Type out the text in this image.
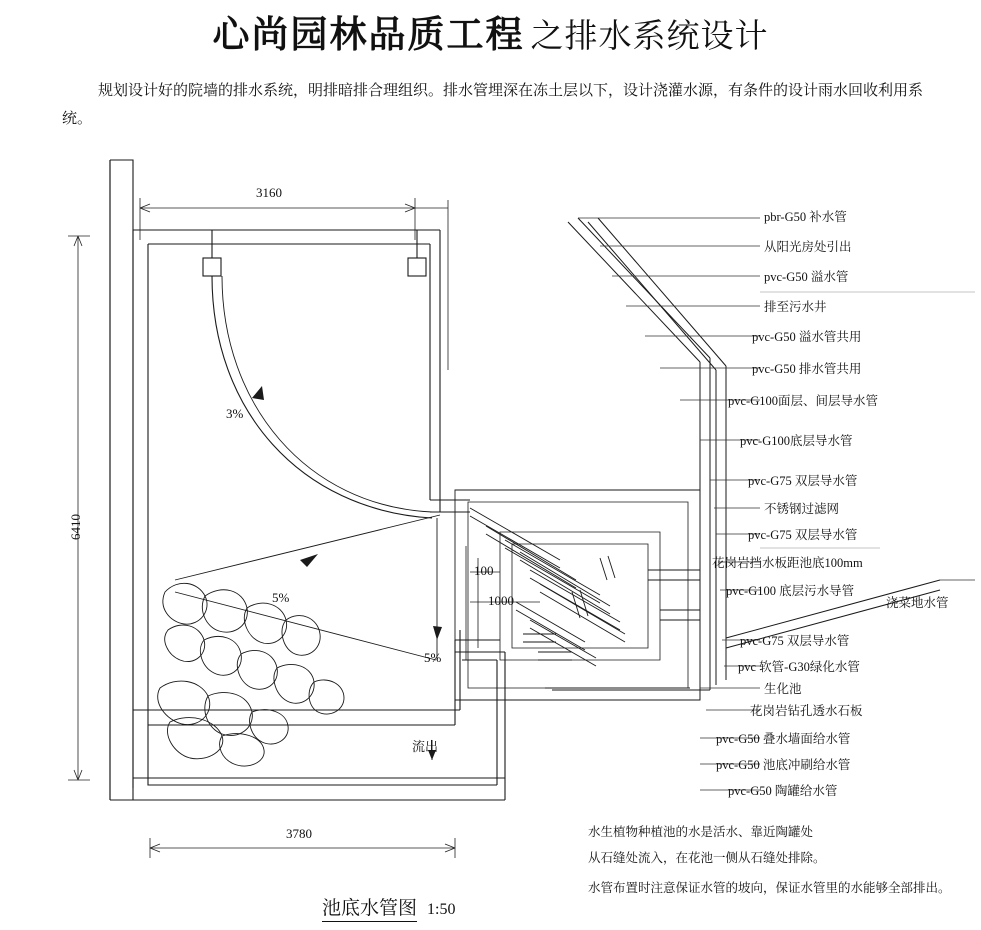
心尚园林品质工程 之排水系统设计

规划设计好的院墙的排水系统，明排暗排合理组织。排水管埋深在冻土层以下，设计浇灌水源，有条件的设计雨水回收利用系统。

3160
3780
6410
100
1000
3%
5%
5%
流出
pbr-G50 补水管
从阳光房处引出
pvc-G50 溢水管
排至污水井
pvc-G50 溢水管共用
pvc-G50 排水管共用
pvc-G100面层、间层导水管
pvc-G100底层导水管
pvc-G75 双层导水管
不锈钢过滤网
pvc-G75 双层导水管
花岗岩挡水板距池底100mm
pvc-G100 底层污水导管
pvc-G75 双层导水管
pvc 软管-G30绿化水管
生化池
花岗岩钻孔透水石板
pvc-G50 叠水墙面给水管
pvc-G50 池底冲刷给水管
pvc-G50 陶罐给水管
浇菜地水管
水生植物种植池的水是活水、靠近陶罐处
从石缝处流入，在花池一侧从石缝处排除。
水管布置时注意保证水管的坡向，保证水管里的水能够全部排出。
池底水管图 1:50
